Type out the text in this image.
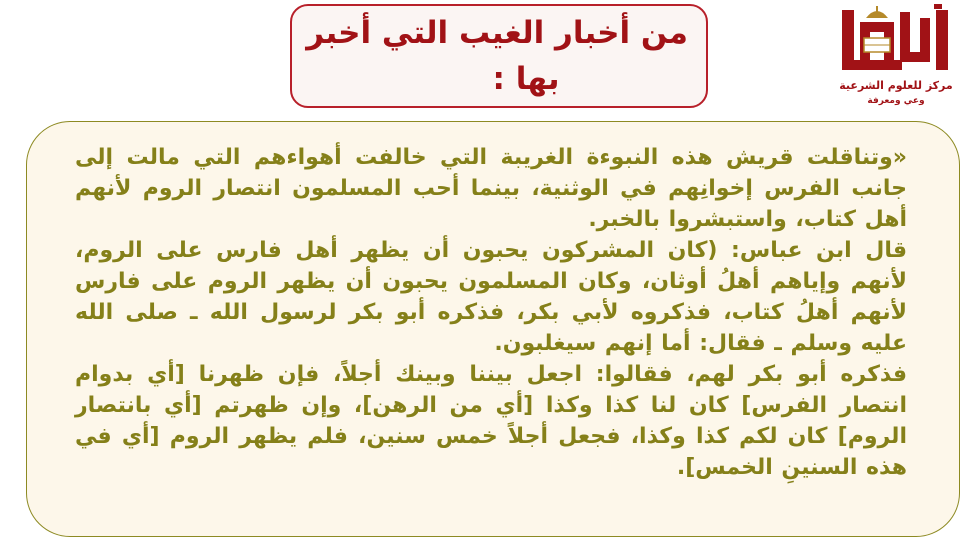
من أخبار الغيب التي أخبر
بها :	مركز للعلوم الشرعية
وعي ومعرفة

«وتناقلت قريش هذه النبوءة الغريبة التي خالفت أهواءهم التي مالت إلى جانب الفرس إخوانِهم في الوثنية، بينما أحب المسلمون انتصار الروم لأنهم أهل كتاب، واستبشروا بالخبر.

قال ابن عباس: (كان المشركون يحبون أن يظهر أهل فارس على الروم، لأنهم وإياهم أهلُ أوثان، وكان المسلمون يحبون أن يظهر الروم على فارس لأنهم أهلُ كتاب، فذكروه لأبي بكر، فذكره أبو بكر لرسول الله ـ صلى الله عليه وسلم ـ فقال: أما إنهم سيغلبون.

فذكره أبو بكر لهم، فقالوا: اجعل بيننا وبينك أجلاً، فإن ظهرنا [أي بدوام انتصار الفرس] كان لنا كذا وكذا [أي من الرهن]، وإن ظهرتم [أي بانتصار الروم] كان لكم كذا وكذا، فجعل أجلاً خمس سنين، فلم يظهر الروم [أي في هذه السنينِ الخمس].
